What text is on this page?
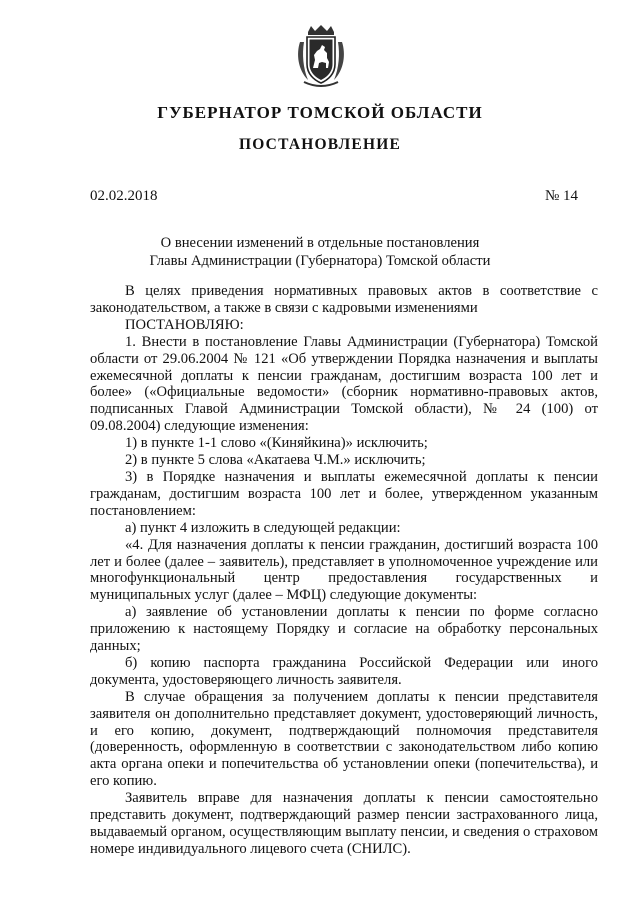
ГУБЕРНАТОР ТОМСКОЙ ОБЛАСТИ
ПОСТАНОВЛЕНИЕ
02.02.2018	№ 14
О внесении изменений в отдельные постановления
Главы Администрации (Губернатора) Томской области

В целях приведения нормативных правовых актов в соответствие с законодательством, а также в связи с кадровыми изменениями

ПОСТАНОВЛЯЮ:

1. Внести в постановление Главы Администрации (Губернатора) Томской области от 29.06.2004 № 121 «Об утверждении Порядка назначения и выплаты ежемесячной доплаты к пенсии гражданам, достигшим возраста 100 лет и более» («Официальные ведомости» (сборник нормативно-правовых актов, подписанных Главой Администрации Томской области), № 24 (100) от 09.08.2004) следующие изменения:

1) в пункте 1-1 слово «(Киняйкина)» исключить;

2) в пункте 5 слова «Акатаева Ч.М.» исключить;

3) в Порядке назначения и выплаты ежемесячной доплаты к пенсии гражданам, достигшим возраста 100 лет и более, утвержденном указанным постановлением:

а) пункт 4 изложить в следующей редакции:

«4. Для назначения доплаты к пенсии гражданин, достигший возраста 100 лет и более (далее – заявитель), представляет в уполномоченное учреждение или многофункциональный центр предоставления государственных и муниципальных услуг (далее – МФЦ) следующие документы:

а) заявление об установлении доплаты к пенсии по форме согласно приложению к настоящему Порядку и согласие на обработку персональных данных;

б) копию паспорта гражданина Российской Федерации или иного документа, удостоверяющего личность заявителя.

В случае обращения за получением доплаты к пенсии представителя заявителя он дополнительно представляет документ, удостоверяющий личность, и его копию, документ, подтверждающий полномочия представителя (доверенность, оформленную в соответствии с законодательством либо копию акта органа опеки и попечительства об установлении опеки (попечительства), и его копию.

Заявитель вправе для назначения доплаты к пенсии самостоятельно представить документ, подтверждающий размер пенсии застрахованного лица, выдаваемый органом, осуществляющим выплату пенсии, и сведения о страховом номере индивидуального лицевого счета (СНИЛС).
